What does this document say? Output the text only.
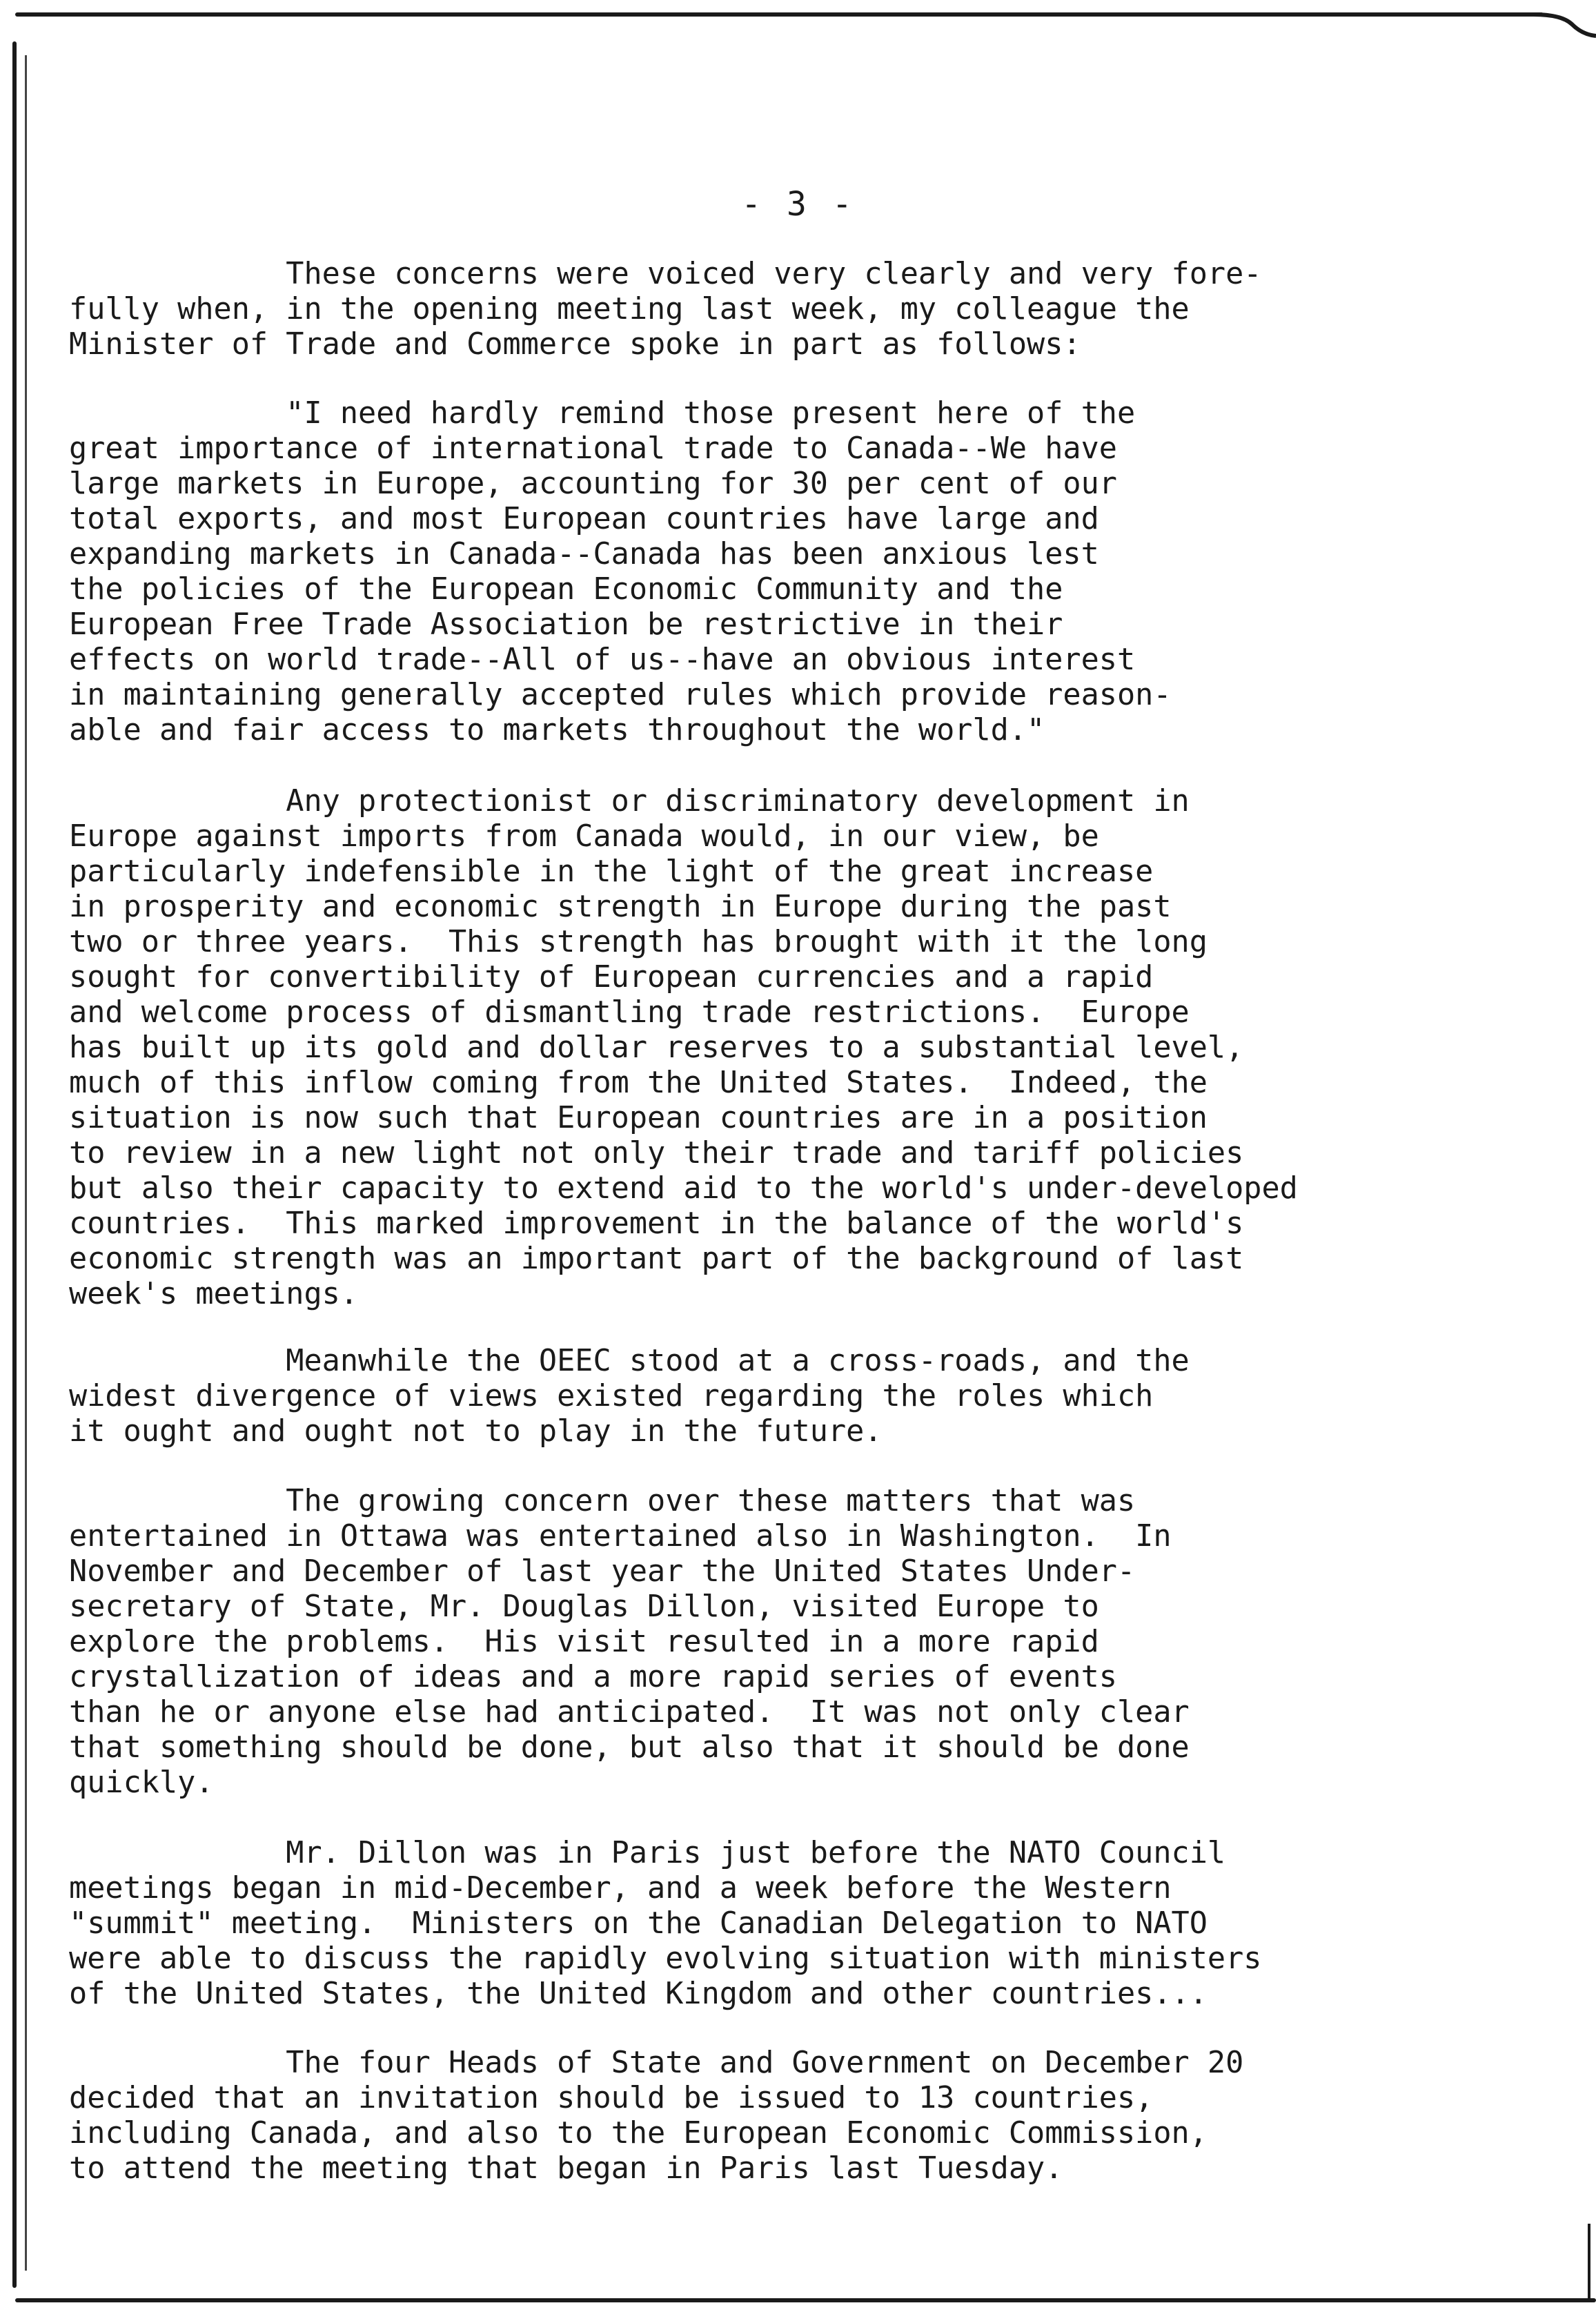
- 3 -

These concerns were voiced very clearly and very fore-
fully when, in the opening meeting last week, my colleague the
Minister of Trade and Commerce spoke in part as follows:

"I need hardly remind those present here of the
great importance of international trade to Canada--We have
large markets in Europe, accounting for 30 per cent of our
total exports, and most European countries have large and
expanding markets in Canada--Canada has been anxious lest
the policies of the European Economic Community and the
European Free Trade Association be restrictive in their
effects on world trade--All of us--have an obvious interest
in maintaining generally accepted rules which provide reason-
able and fair access to markets throughout the world."

Any protectionist or discriminatory development in
Europe against imports from Canada would, in our view, be
particularly indefensible in the light of the great increase
in prosperity and economic strength in Europe during the past
two or three years.  This strength has brought with it the long
sought for convertibility of European currencies and a rapid
and welcome process of dismantling trade restrictions.  Europe
has built up its gold and dollar reserves to a substantial level,
much of this inflow coming from the United States.  Indeed, the
situation is now such that European countries are in a position
to review in a new light not only their trade and tariff policies
but also their capacity to extend aid to the world's under-developed
countries.  This marked improvement in the balance of the world's
economic strength was an important part of the background of last
week's meetings.

Meanwhile the OEEC stood at a cross-roads, and the
widest divergence of views existed regarding the roles which
it ought and ought not to play in the future.

The growing concern over these matters that was
entertained in Ottawa was entertained also in Washington.  In
November and December of last year the United States Under-
secretary of State, Mr. Douglas Dillon, visited Europe to
explore the problems.  His visit resulted in a more rapid
crystallization of ideas and a more rapid series of events
than he or anyone else had anticipated.  It was not only clear
that something should be done, but also that it should be done
quickly.

Mr. Dillon was in Paris just before the NATO Council
meetings began in mid-December, and a week before the Western
"summit" meeting.  Ministers on the Canadian Delegation to NATO
were able to discuss the rapidly evolving situation with ministers
of the United States, the United Kingdom and other countries...

The four Heads of State and Government on December 20
decided that an invitation should be issued to 13 countries,
including Canada, and also to the European Economic Commission,
to attend the meeting that began in Paris last Tuesday.
